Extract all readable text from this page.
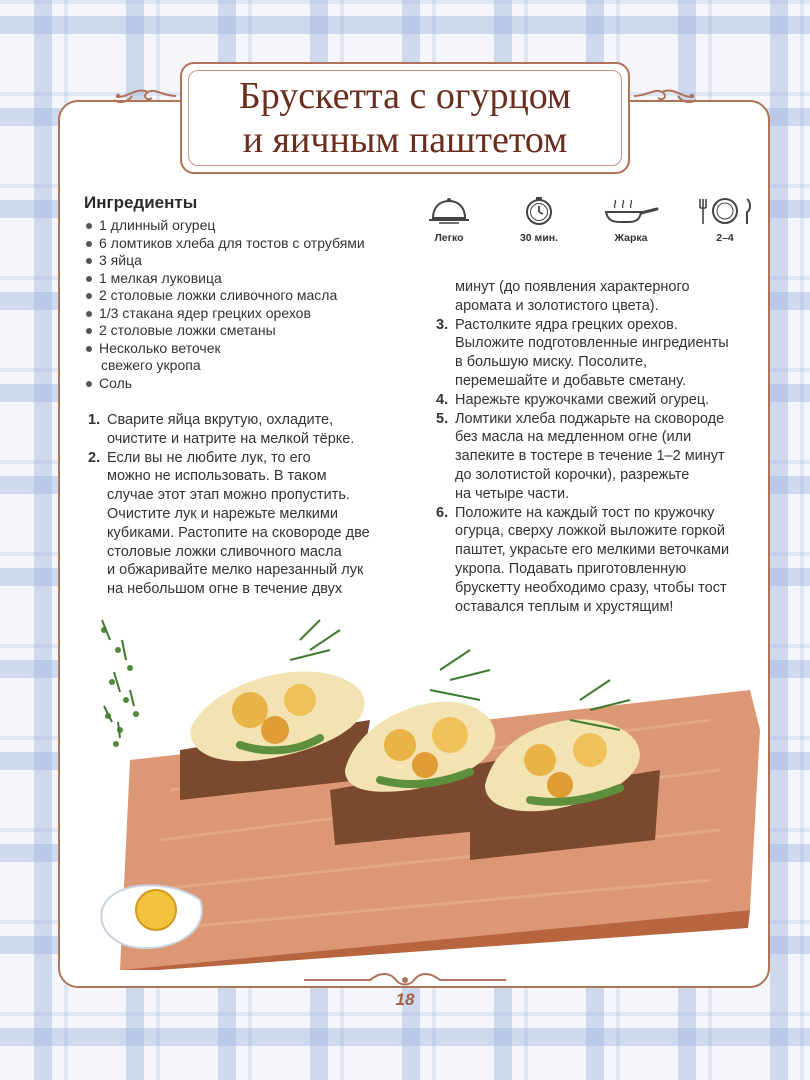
Брускетта с огурцом
и яичным паштетом
Легко	30 мин.	Жарка	2–4
Ингредиенты
1 длинный огурец
6 ломтиков хлеба для тостов с отрубями
3 яйца
1 мелкая луковица
2 столовые ложки сливочного масла
1/3 стакана ядер грецких орехов
2 столовые ложки сметаны
Несколько веточек
свежего укропа
Соль
1. Сварите яйца вкрутую, охладите,
очистите и натрите на мелкой тёрке.
2. Если вы не любите лук, то его
можно не использовать. В таком
случае этот этап можно пропустить.
Очистите лук и нарежьте мелкими
кубиками. Растопите на сковороде две
столовые ложки сливочного масла
и обжаривайте мелко нарезанный лук
на небольшом огне в течение двух
минут (до появления характерного
аромата и золотистого цвета).
3. Растолките ядра грецких орехов.
Выложите подготовленные ингредиенты
в большую миску. Посолите,
перемешайте и добавьте сметану.
4. Нарежьте кружочками свежий огурец.
5. Ломтики хлеба поджарьте на сковороде
без масла на медленном огне (или
запеките в тостере в течение 1–2 минут
до золотистой корочки), разрежьте
на четыре части.
6. Положите на каждый тост по кружочку
огурца, сверху ложкой выложите горкой
паштет, украсьте его мелкими веточками
укропа. Подавать приготовленную
брускетту необходимо сразу, чтобы тост
оставался теплым и хрустящим!
18
